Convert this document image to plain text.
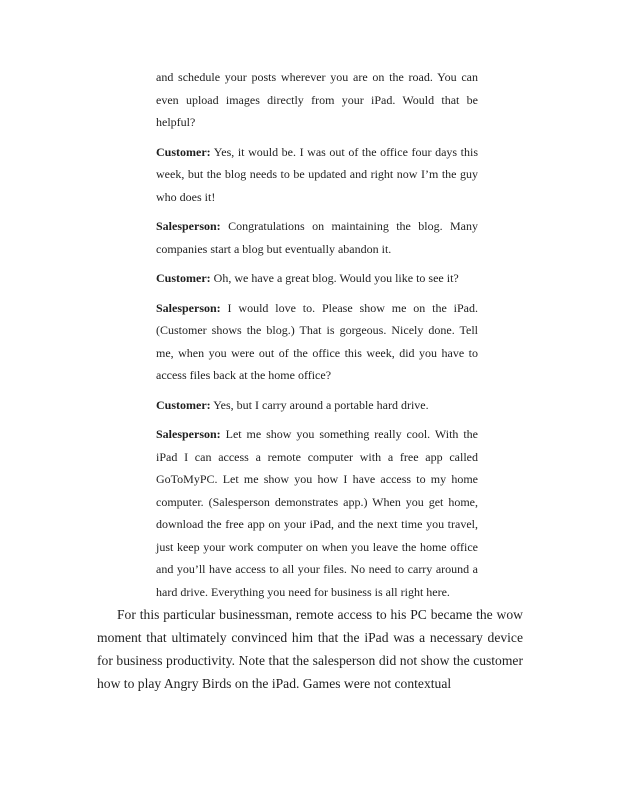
and schedule your posts wherever you are on the road. You can even upload images directly from your iPad. Would that be helpful?

Customer: Yes, it would be. I was out of the office four days this week, but the blog needs to be updated and right now I’m the guy who does it!

Salesperson: Congratulations on maintaining the blog. Many companies start a blog but eventually abandon it.

Customer: Oh, we have a great blog. Would you like to see it?

Salesperson: I would love to. Please show me on the iPad. (Customer shows the blog.) That is gorgeous. Nicely done. Tell me, when you were out of the office this week, did you have to access files back at the home office?

Customer: Yes, but I carry around a portable hard drive.

Salesperson: Let me show you something really cool. With the iPad I can access a remote computer with a free app called GoToMyPC. Let me show you how I have access to my home computer. (Salesperson demonstrates app.) When you get home, download the free app on your iPad, and the next time you travel, just keep your work computer on when you leave the home office and you’ll have access to all your files. No need to carry around a hard drive. Everything you need for business is all right here.

For this particular businessman, remote access to his PC became the wow moment that ultimately convinced him that the iPad was a necessary device for business productivity. Note that the salesperson did not show the customer how to play Angry Birds on the iPad. Games were not contextual
